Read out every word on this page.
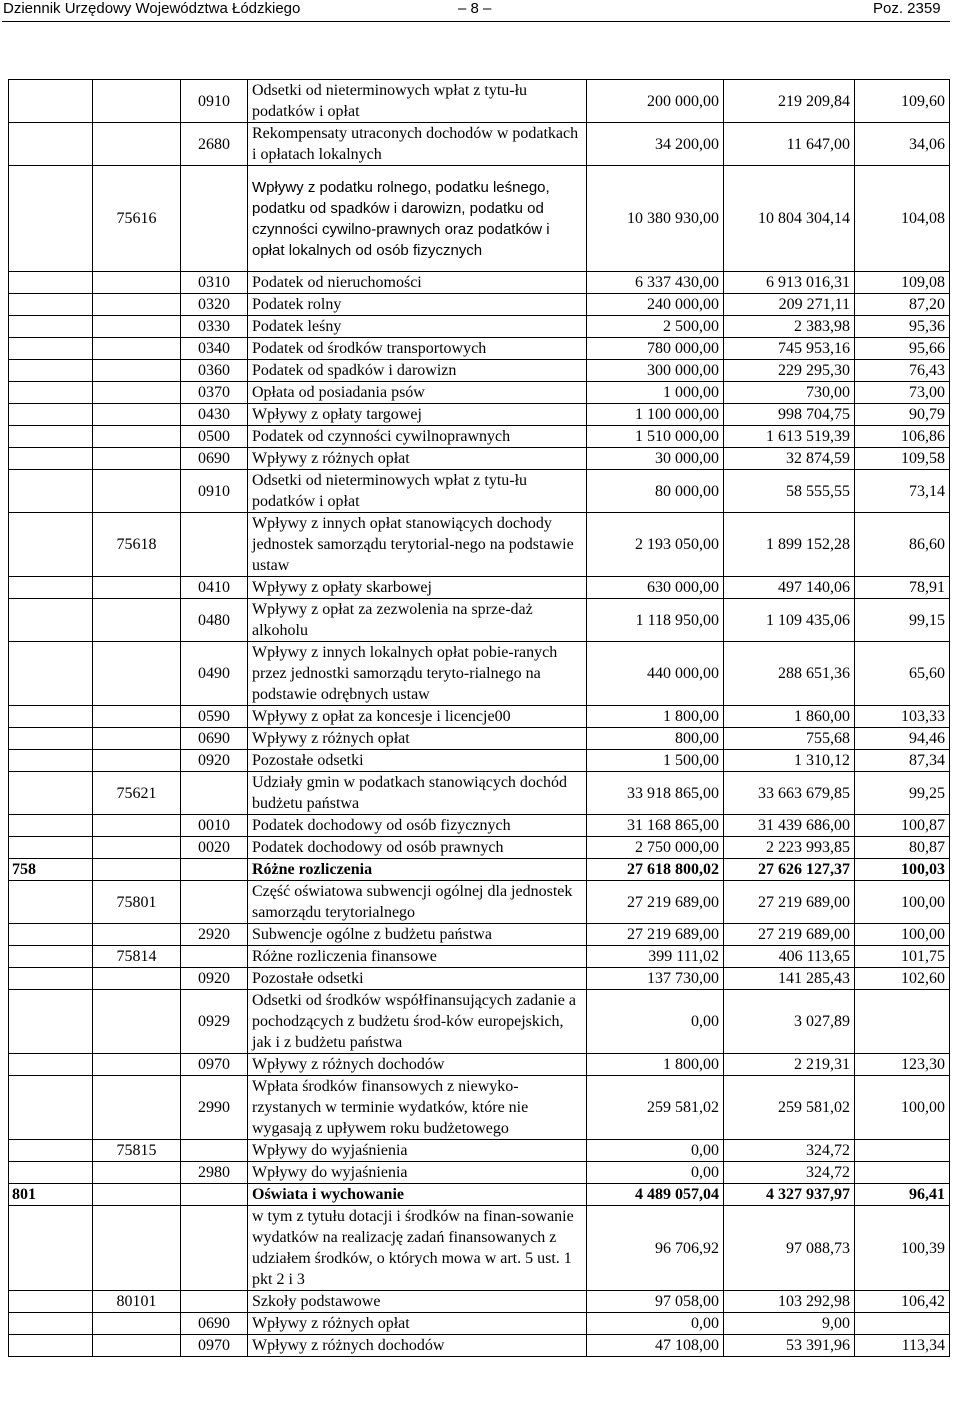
Dziennik Urzędowy Województwa Łódzkiego	– 8 –	Poz. 2359
		0910	Odsetki od nieterminowych wpłat z tytu-łu podatków i opłat	200 000,00	219 209,84	109,60
		2680	Rekompensaty utraconych dochodów w podatkach i opłatach lokalnych	34 200,00	11 647,00	34,06
	75616		Wpływy z podatku rolnego, podatku leśnego, podatku od spadków i darowizn, podatku od czynności cywilno-prawnych oraz podatków i opłat lokalnych od osób fizycznych	10 380 930,00	10 804 304,14	104,08
		0310	Podatek od nieruchomości	6 337 430,00	6 913 016,31	109,08
		0320	Podatek rolny	240 000,00	209 271,11	87,20
		0330	Podatek leśny	2 500,00	2 383,98	95,36
		0340	Podatek od środków transportowych	780 000,00	745 953,16	95,66
		0360	Podatek od spadków i darowizn	300 000,00	229 295,30	76,43
		0370	Opłata od posiadania psów	1 000,00	730,00	73,00
		0430	Wpływy z opłaty targowej	1 100 000,00	998 704,75	90,79
		0500	Podatek od czynności cywilnoprawnych	1 510 000,00	1 613 519,39	106,86
		0690	Wpływy z różnych opłat	30 000,00	32 874,59	109,58
		0910	Odsetki od nieterminowych wpłat z tytu-łu podatków i opłat	80 000,00	58 555,55	73,14
	75618		Wpływy z innych opłat stanowiących dochody jednostek samorządu terytorial-nego na podstawie ustaw	2 193 050,00	1 899 152,28	86,60
		0410	Wpływy z opłaty skarbowej	630 000,00	497 140,06	78,91
		0480	Wpływy z opłat za zezwolenia na sprze-daż alkoholu	1 118 950,00	1 109 435,06	99,15
		0490	Wpływy z innych lokalnych opłat pobie-ranych przez jednostki samorządu teryto-rialnego na podstawie odrębnych ustaw	440 000,00	288 651,36	65,60
		0590	Wpływy z opłat za koncesje i licencje00	1 800,00	1 860,00	103,33
		0690	Wpływy z różnych opłat	800,00	755,68	94,46
		0920	Pozostałe odsetki	1 500,00	1 310,12	87,34
	75621		Udziały gmin w podatkach stanowiących dochód budżetu państwa	33 918 865,00	33 663 679,85	99,25
		0010	Podatek dochodowy od osób fizycznych	31 168 865,00	31 439 686,00	100,87
		0020	Podatek dochodowy od osób prawnych	2 750 000,00	2 223 993,85	80,87
758			Różne rozliczenia	27 618 800,02	27 626 127,37	100,03
	75801		Część oświatowa subwencji ogólnej dla jednostek samorządu terytorialnego	27 219 689,00	27 219 689,00	100,00
		2920	Subwencje ogólne z budżetu państwa	27 219 689,00	27 219 689,00	100,00
	75814		Różne rozliczenia finansowe	399 111,02	406 113,65	101,75
		0920	Pozostałe odsetki	137 730,00	141 285,43	102,60
		0929	Odsetki od środków współfinansujących zadanie a pochodzących z budżetu środ-ków europejskich, jak i z budżetu państwa	0,00	3 027,89	
		0970	Wpływy z różnych dochodów	1 800,00	2 219,31	123,30
		2990	Wpłata środków finansowych z niewyko-rzystanych w terminie wydatków, które nie wygasają z upływem roku budżetowego	259 581,02	259 581,02	100,00
	75815		Wpływy do wyjaśnienia	0,00	324,72	
		2980	Wpływy do wyjaśnienia	0,00	324,72	
801			Oświata i wychowanie	4 489 057,04	4 327 937,97	96,41
			w tym z tytułu dotacji i środków na finan-sowanie wydatków na realizację zadań finansowanych z udziałem środków, o których mowa w art. 5 ust. 1 pkt 2 i 3	96 706,92	97 088,73	100,39
	80101		Szkoły podstawowe	97 058,00	103 292,98	106,42
		0690	Wpływy z różnych opłat	0,00	9,00	
		0970	Wpływy z różnych dochodów	47 108,00	53 391,96	113,34
